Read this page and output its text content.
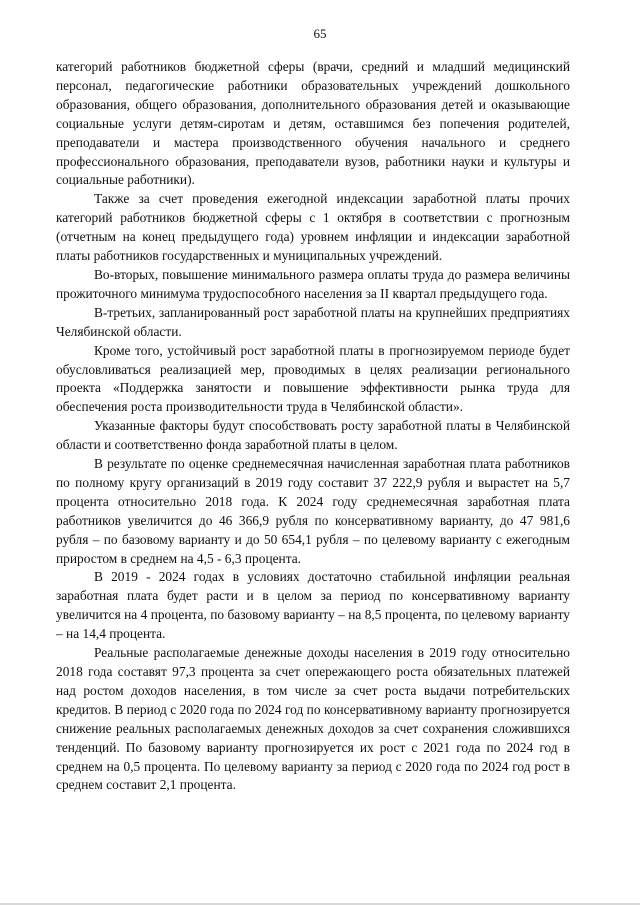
65

категорий работников бюджетной сферы (врачи, средний и младший медицинский персонал, педагогические работники образовательных учреждений дошкольного образования, общего образования, дополнительного образования детей и оказывающие социальные услуги детям-сиротам и детям, оставшимся без попечения родителей, преподаватели и мастера производственного обучения начального и среднего профессионального образования, преподаватели вузов, работники науки и культуры и социальные работники).

Также за счет проведения ежегодной индексации заработной платы прочих категорий работников бюджетной сферы с 1 октября в соответствии с прогнозным (отчетным на конец предыдущего года) уровнем инфляции и индексации заработной платы работников государственных и муниципальных учреждений.

Во-вторых, повышение минимального размера оплаты труда до размера величины прожиточного минимума трудоспособного населения за II квартал предыдущего года.

В-третьих, запланированный рост заработной платы на крупнейших предприятиях Челябинской области.

Кроме того, устойчивый рост заработной платы в прогнозируемом периоде будет обусловливаться реализацией мер, проводимых в целях реализации регионального проекта «Поддержка занятости и повышение эффективности рынка труда для обеспечения роста производительности труда в Челябинской области».

Указанные факторы будут способствовать росту заработной платы в Челябинской области и соответственно фонда заработной платы в целом.

В результате по оценке среднемесячная начисленная заработная плата работников по полному кругу организаций в 2019 году составит 37 222,9 рубля и вырастет на 5,7 процента относительно 2018 года. К 2024 году среднемесячная заработная плата работников увеличится до 46 366,9 рубля по консервативному варианту, до 47 981,6 рубля – по базовому варианту и до 50 654,1 рубля – по целевому варианту с ежегодным приростом в среднем на 4,5 - 6,3 процента.

В 2019 - 2024 годах в условиях достаточно стабильной инфляции реальная заработная плата будет расти и в целом за период по консервативному варианту увеличится на 4 процента, по базовому варианту – на 8,5 процента, по целевому варианту – на 14,4 процента.

Реальные располагаемые денежные доходы населения в 2019 году относительно 2018 года составят 97,3 процента за счет опережающего роста обязательных платежей над ростом доходов населения, в том числе за счет роста выдачи потребительских кредитов. В период с 2020 года по 2024 год по консервативному варианту прогнозируется снижение реальных располагаемых денежных доходов за счет сохранения сложившихся тенденций. По базовому варианту прогнозируется их рост с 2021 года по 2024 год в среднем на 0,5 процента. По целевому варианту за период с 2020 года по 2024 год рост в среднем составит 2,1 процента.
